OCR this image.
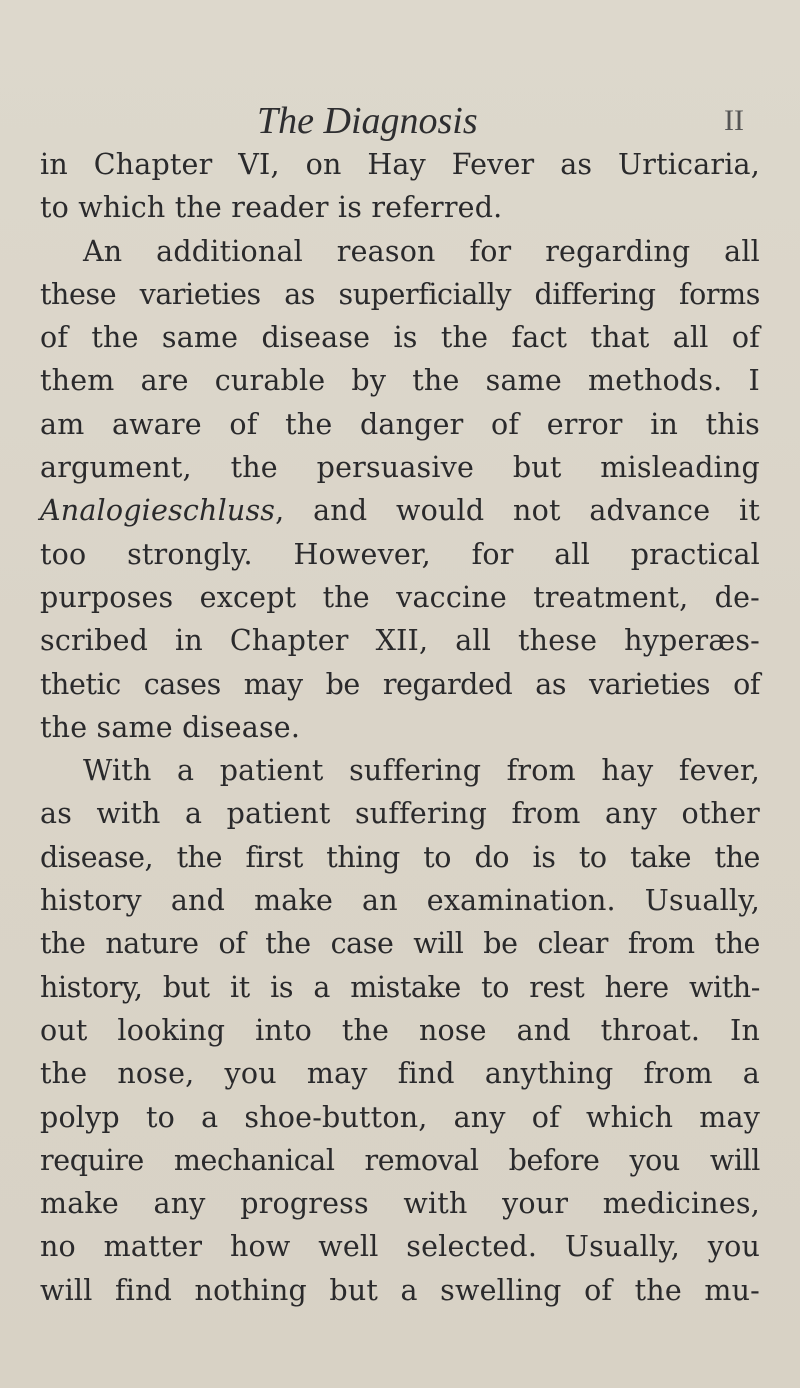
The Diagnosis	II
in Chapter VI, on Hay Fever as Urticaria,
to which the reader is referred.
An additional reason for regarding all
these varieties as superficially differing forms
of the same disease is the fact that all of
them are curable by the same methods. I
am aware of the danger of error in this
argument, the persuasive but misleading
Analogieschluss, and would not advance it
too strongly. However, for all practical
purposes except the vaccine treatment, de-
scribed in Chapter XII, all these hyperæs-
thetic cases may be regarded as varieties of
the same disease.
With a patient suffering from hay fever,
as with a patient suffering from any other
disease, the first thing to do is to take the
history and make an examination. Usually,
the nature of the case will be clear from the
history, but it is a mistake to rest here with-
out looking into the nose and throat. In
the nose, you may find anything from a
polyp to a shoe-button, any of which may
require mechanical removal before you will
make any progress with your medicines,
no matter how well selected. Usually, you
will find nothing but a swelling of the mu-
